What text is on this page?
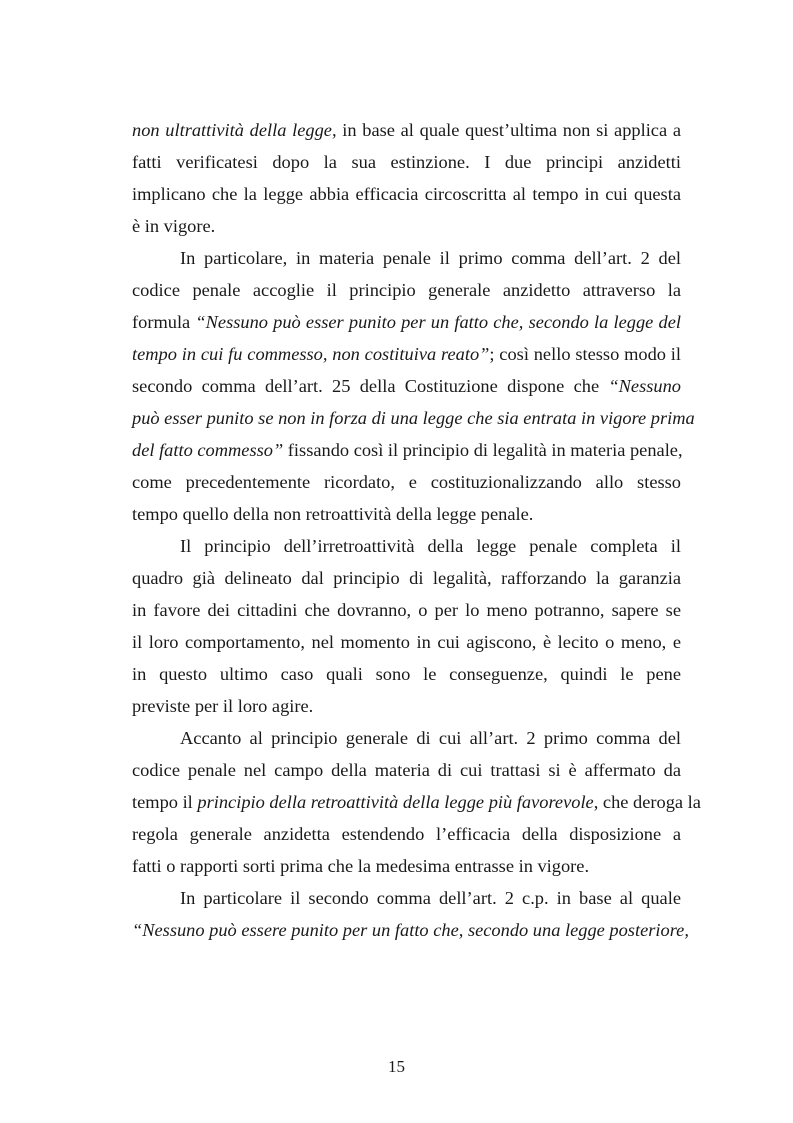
non ultrattività della legge, in base al quale quest’ultima non si applica a
fatti verificatesi dopo la sua estinzione. I due principi anzidetti
implicano che la legge abbia efficacia circoscritta al tempo in cui questa
è in vigore.
In particolare, in materia penale il primo comma dell’art. 2 del
codice penale accoglie il principio generale anzidetto attraverso la
formula “Nessuno può esser punito per un fatto che, secondo la legge del
tempo in cui fu commesso, non costituiva reato”; così nello stesso modo il
secondo comma dell’art. 25 della Costituzione dispone che “Nessuno
può esser punito se non in forza di una legge che sia entrata in vigore prima
del fatto commesso” fissando così il principio di legalità in materia penale,
come precedentemente ricordato, e costituzionalizzando allo stesso
tempo quello della non retroattività della legge penale.
Il principio dell’irretroattività della legge penale completa il
quadro già delineato dal principio di legalità, rafforzando la garanzia
in favore dei cittadini che dovranno, o per lo meno potranno, sapere se
il loro comportamento, nel momento in cui agiscono, è lecito o meno, e
in questo ultimo caso quali sono le conseguenze, quindi le pene
previste per il loro agire.
Accanto al principio generale di cui all’art. 2 primo comma del
codice penale nel campo della materia di cui trattasi si è affermato da
tempo il principio della retroattività della legge più favorevole, che deroga la
regola generale anzidetta estendendo l’efficacia della disposizione a
fatti o rapporti sorti prima che la medesima entrasse in vigore.
In particolare il secondo comma dell’art. 2 c.p. in base al quale
“Nessuno può essere punito per un fatto che, secondo una legge posteriore,
15
